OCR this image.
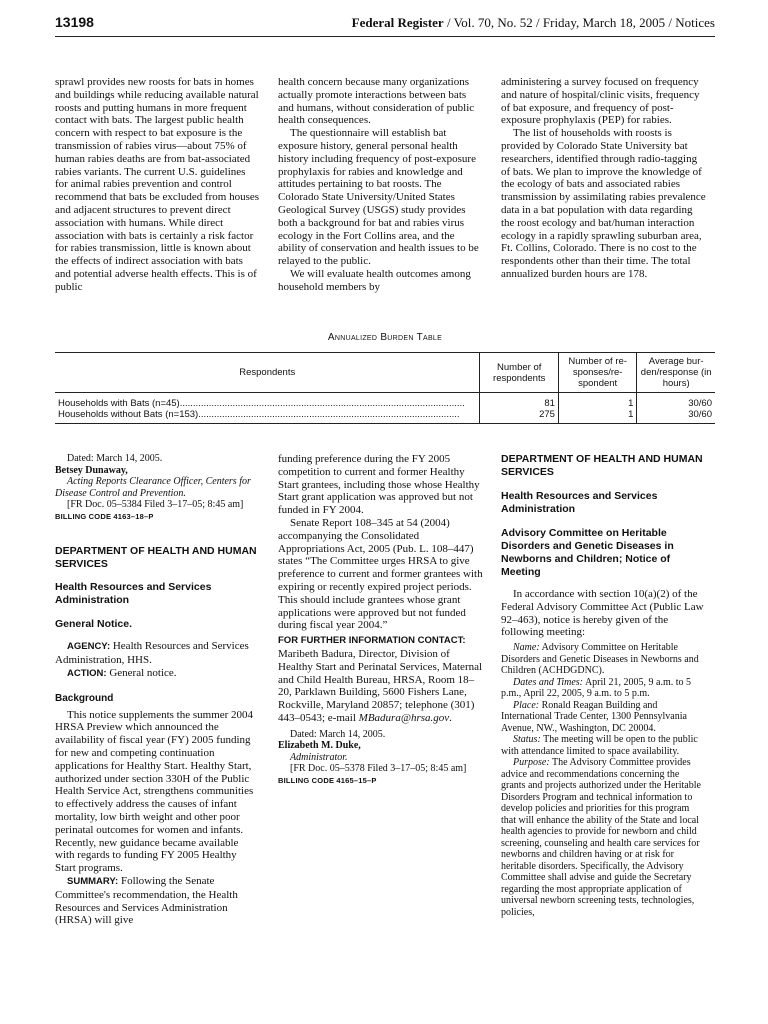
13198	Federal Register / Vol. 70, No. 52 / Friday, March 18, 2005 / Notices

sprawl provides new roosts for bats in homes and buildings while reducing available natural roosts and putting humans in more frequent contact with bats. The largest public health concern with respect to bat exposure is the transmission of rabies virus—about 75% of human rabies deaths are from bat-associated rabies variants. The current U.S. guidelines for animal rabies prevention and control recommend that bats be excluded from houses and adjacent structures to prevent direct association with humans. While direct association with bats is certainly a risk factor for rabies transmission, little is known about the effects of indirect association with bats and potential adverse health effects. This is of public

health concern because many organizations actually promote interactions between bats and humans, without consideration of public health consequences.

The questionnaire will establish bat exposure history, general personal health history including frequency of post-exposure prophylaxis for rabies and knowledge and attitudes pertaining to bat roosts. The Colorado State University/United States Geological Survey (USGS) study provides both a background for bat and rabies virus ecology in the Fort Collins area, and the ability of conservation and health issues to be relayed to the public.

We will evaluate health outcomes among household members by

administering a survey focused on frequency and nature of hospital/clinic visits, frequency of bat exposure, and frequency of post-exposure prophylaxis (PEP) for rabies.

The list of households with roosts is provided by Colorado State University bat researchers, identified through radio-tagging of bats. We plan to improve the knowledge of the ecology of bats and associated rabies transmission by assimilating rabies prevalence data in a bat population with data regarding the roost ecology and bat/human interaction ecology in a rapidly sprawling suburban area, Ft. Collins, Colorado. There is no cost to the respondents other than their time. The total annualized burden hours are 178.

Annualized Burden Table
Respondents	Number of respondents	Number of re-sponses/re-spondent	Average bur-den/response (in hours)
Households with Bats (n=45).....	81	1	30/60
Households without Bats (n=153).....	275	1	30/60

Dated: March 14, 2005.

Betsey Dunaway,

Acting Reports Clearance Officer, Centers for Disease Control and Prevention.

[FR Doc. 05–5384 Filed 3–17–05; 8:45 am]

BILLING CODE 4163–18–P

DEPARTMENT OF HEALTH AND HUMAN SERVICES

Health Resources and Services Administration

General Notice.

AGENCY: Health Resources and Services Administration, HHS.

ACTION: General notice.

Background

This notice supplements the summer 2004 HRSA Preview which announced the availability of fiscal year (FY) 2005 funding for new and competing continuation applications for Healthy Start. Healthy Start, authorized under section 330H of the Public Health Service Act, strengthens communities to effectively address the causes of infant mortality, low birth weight and other poor perinatal outcomes for women and infants. Recently, new guidance became available with regards to funding FY 2005 Healthy Start programs.

SUMMARY: Following the Senate Committee's recommendation, the Health Resources and Services Administration (HRSA) will give

funding preference during the FY 2005 competition to current and former Healthy Start grantees, including those whose Healthy Start grant application was approved but not funded in FY 2004.

Senate Report 108–345 at 54 (2004) accompanying the Consolidated Appropriations Act, 2005 (Pub. L. 108–447) states “The Committee urges HRSA to give preference to current and former grantees with expiring or recently expired project periods. This should include grantees whose grant applications were approved but not funded during fiscal year 2004.”

FOR FURTHER INFORMATION CONTACT:
Maribeth Badura, Director, Division of Healthy Start and Perinatal Services, Maternal and Child Health Bureau, HRSA, Room 18–20, Parklawn Building, 5600 Fishers Lane, Rockville, Maryland 20857; telephone (301) 443–0543; e-mail MBadura@hrsa.gov.

Dated: March 14, 2005.

Elizabeth M. Duke,

Administrator.

[FR Doc. 05–5378 Filed 3–17–05; 8:45 am]

BILLING CODE 4165–15–P

DEPARTMENT OF HEALTH AND HUMAN SERVICES

Health Resources and Services Administration

Advisory Committee on Heritable Disorders and Genetic Diseases in Newborns and Children; Notice of Meeting

In accordance with section 10(a)(2) of the Federal Advisory Committee Act (Public Law 92–463), notice is hereby given of the following meeting:

Name: Advisory Committee on Heritable Disorders and Genetic Diseases in Newborns and Children (ACHDGDNC).

Dates and Times: April 21, 2005, 9 a.m. to 5 p.m., April 22, 2005, 9 a.m. to 5 p.m.

Place: Ronald Reagan Building and International Trade Center, 1300 Pennsylvania Avenue, NW., Washington, DC 20004.

Status: The meeting will be open to the public with attendance limited to space availability.

Purpose: The Advisory Committee provides advice and recommendations concerning the grants and projects authorized under the Heritable Disorders Program and technical information to develop policies and priorities for this program that will enhance the ability of the State and local health agencies to provide for newborn and child screening, counseling and health care services for newborns and children having or at risk for heritable disorders. Specifically, the Advisory Committee shall advise and guide the Secretary regarding the most appropriate application of universal newborn screening tests, technologies, policies,
